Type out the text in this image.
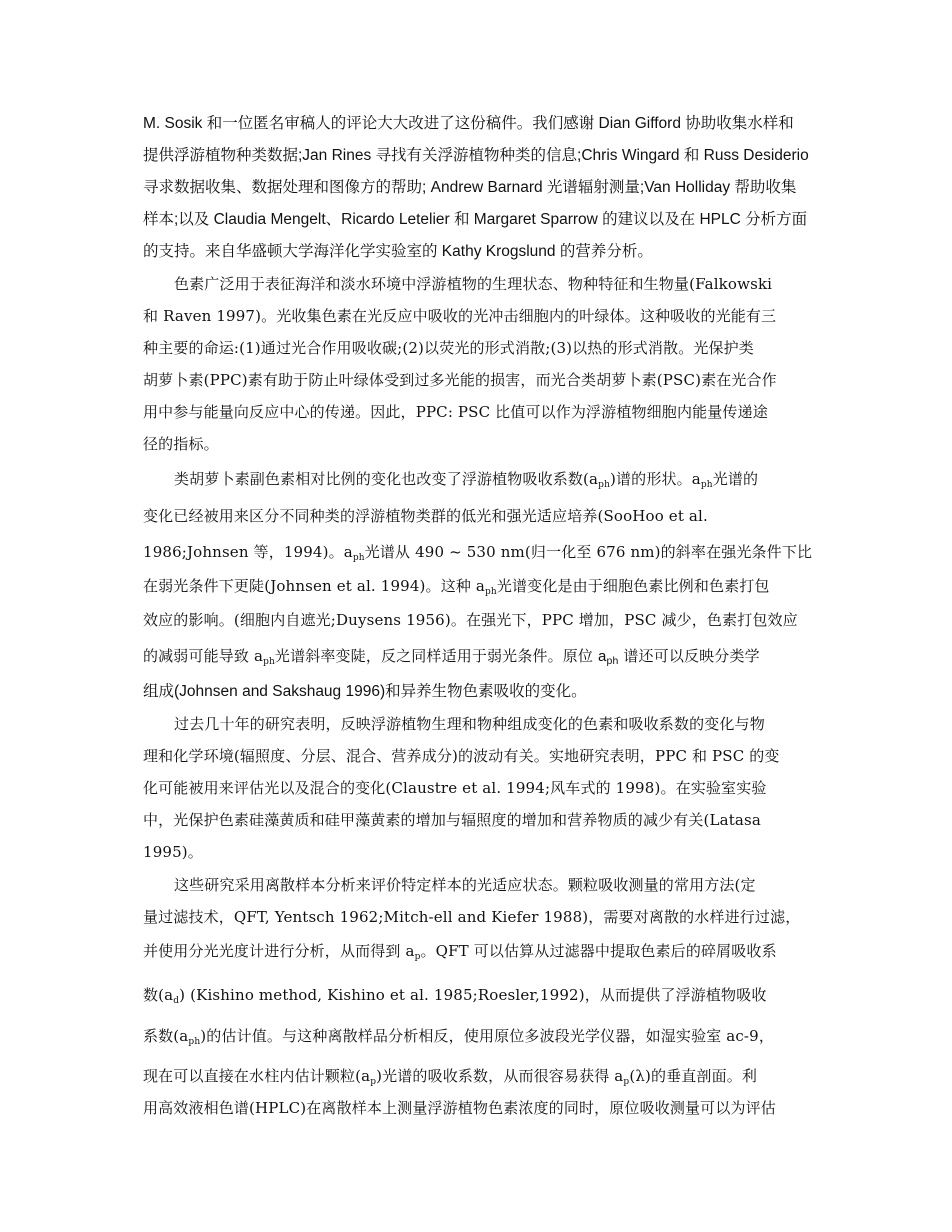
M. Sosik 和一位匿名审稿人的评论大大改进了这份稿件。我们感谢 Dian Gifford 协助收集水样和
提供浮游植物种类数据;Jan Rines 寻找有关浮游植物种类的信息;Chris Wingard 和 Russ Desiderio
寻求数据收集、数据处理和图像方的帮助; Andrew Barnard 光谱辐射测量;Van Holliday 帮助收集
样本;以及 Claudia Mengelt、Ricardo Letelier 和 Margaret Sparrow 的建议以及在 HPLC 分析方面
的支持。来自华盛顿大学海洋化学实验室的 Kathy Krogslund 的营养分析。
色素广泛用于表征海洋和淡水环境中浮游植物的生理状态、物种特征和生物量(Falkowski
和 Raven 1997)。光收集色素在光反应中吸收的光冲击细胞内的叶绿体。这种吸收的光能有三
种主要的命运:(1)通过光合作用吸收碳;(2)以荧光的形式消散;(3)以热的形式消散。光保护类
胡萝卜素(PPC)素有助于防止叶绿体受到过多光能的损害，而光合类胡萝卜素(PSC)素在光合作
用中参与能量向反应中心的传递。因此，PPC: PSC 比值可以作为浮游植物细胞内能量传递途
径的指标。
类胡萝卜素副色素相对比例的变化也改变了浮游植物吸收系数$(a_{ph})$谱的形状。$a_{ph}$光谱的
变化已经被用来区分不同种类的浮游植物类群的低光和强光适应培养(SooHoo et al.
1986;Johnsen 等，1994)。$a_{ph}$光谱从 490 ~ 530 nm(归一化至 676 nm)的斜率在强光条件下比
在弱光条件下更陡(Johnsen et al. 1994)。这种 $a_{ph}$光谱变化是由于细胞色素比例和色素打包
效应的影响。(细胞内自遮光;Duysens 1956)。在强光下，PPC 增加，PSC 减少，色素打包效应
的减弱可能导致 $a_{ph}$光谱斜率变陡，反之同样适用于弱光条件。原位 $a_{ph}$ 谱还可以反映分类学
组成(Johnsen and Sakshaug 1996)和异养生物色素吸收的变化。
过去几十年的研究表明，反映浮游植物生理和物种组成变化的色素和吸收系数的变化与物
理和化学环境(辐照度、分层、混合、营养成分)的波动有关。实地研究表明，PPC 和 PSC 的变
化可能被用来评估光以及混合的变化(Claustre et al. 1994;风车式的 1998)。在实验室实验
中，光保护色素硅藻黄质和硅甲藻黄素的增加与辐照度的增加和营养物质的减少有关(Latasa
1995)。
这些研究采用离散样本分析来评价特定样本的光适应状态。颗粒吸收测量的常用方法(定
量过滤技术，QFT, Yentsch 1962;Mitch-ell and Kiefer 1988)，需要对离散的水样进行过滤，
并使用分光光度计进行分析，从而得到 $a_p$。QFT 可以估算从过滤器中提取色素后的碎屑吸收系
数$(a_d)$ (Kishino method, Kishino et al. 1985;Roesler,1992)，从而提供了浮游植物吸收
系数$(a_{ph})$的估计值。与这种离散样品分析相反，使用原位多波段光学仪器，如湿实验室 ac-9，
现在可以直接在水柱内估计颗粒$(a_p)$光谱的吸收系数，从而很容易获得 $a_p(\lambda)$的垂直剖面。利
用高效液相色谱(HPLC)在离散样本上测量浮游植物色素浓度的同时，原位吸收测量可以为评估
